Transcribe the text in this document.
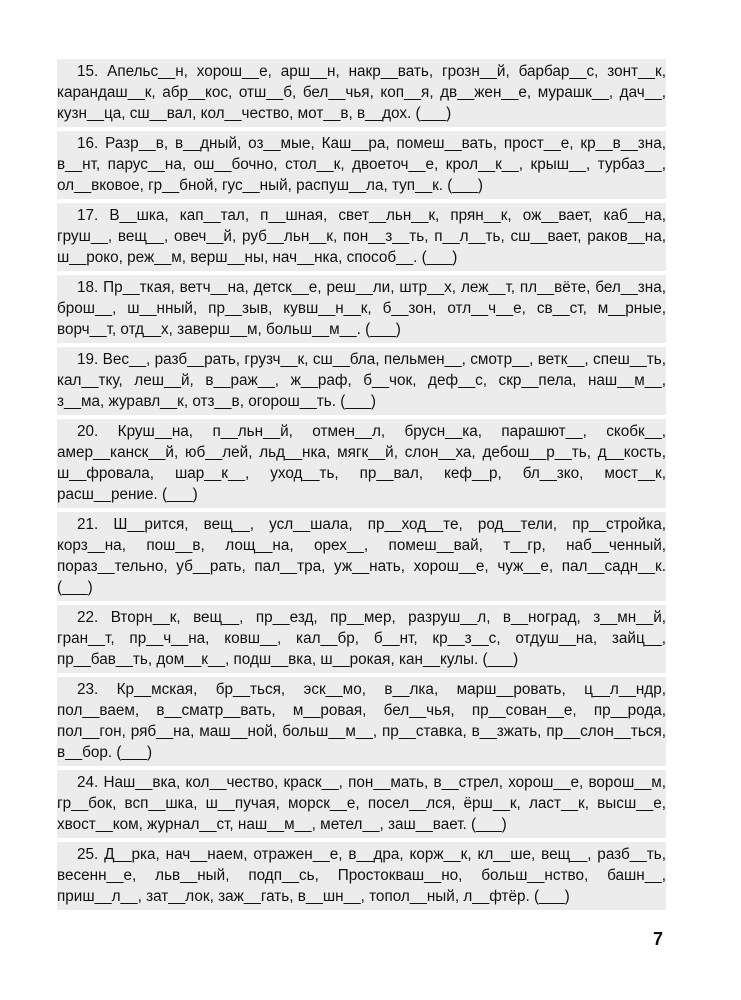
15. Апельс__н, хорош__е, арш__н, накр__вать, грозн__й, барбар__с, зонт__к, карандаш__к, абр__кос, отш__б, бел__чья, коп__я, дв__жен__е, мурашк__, дач__, кузн__ца, сш__вал, кол__чество, мот__в, в__дох. (___)

16. Разр__в, в__дный, оз__мые, Каш__ра, помеш__вать, прост__е, кр__в__зна, в__нт, парус__на, ош__бочно, стол__к, двоеточ__е, крол__к__, крыш__, турбаз__, ол__вковое, гр__бной, гус__ный, распуш__ла, туп__к. (___)

17. В__шка, кап__тал, п__шная, свет__льн__к, прян__к, ож__вает, каб__на, груш__, вещ__, овеч__й, руб__льн__к, пон__з__ть, п__л__ть, сш__вает, раков__на, ш__роко, реж__м, верш__ны, нач__нка, способ__. (___)

18. Пр__ткая, ветч__на, детск__е, реш__ли, штр__х, леж__т, пл__вёте, бел__зна, брош__, ш__нный, пр__зыв, кувш__н__к, б__зон, отл__ч__е, св__ст, м__рные, ворч__т, отд__х, заверш__м, больш__м__. (___)

19. Вес__, разб__рать, грузч__к, сш__бла, пельмен__, смотр__, ветк__, спеш__ть, кал__тку, леш__й, в__раж__, ж__раф, б__чок, деф__с, скр__пела, наш__м__, з__ма, журавл__к, отз__в, огорош__ть. (___)

20. Круш__на, п__льн__й, отмен__л, брусн__ка, парашют__, скобк__, амер__канск__й, юб__лей, льд__нка, мягк__й, слон__ха, дебош__р__ть, д__кость, ш__фровала, шар__к__, уход__ть, пр__вал, кеф__р, бл__зко, мост__к, расш__рение. (___)

21. Ш__рится, вещ__, усл__шала, пр__ход__те, род__тели, пр__стройка, корз__на, пош__в, лощ__на, орех__, помеш__вай, т__гр, наб__ченный, пораз__тельно, уб__рать, пал__тра, уж__нать, хорош__е, чуж__е, пал__садн__к. (___)

22. Вторн__к, вещ__, пр__езд, пр__мер, разруш__л, в__ноград, з__мн__й, гран__т, пр__ч__на, ковш__, кал__бр, б__нт, кр__з__с, отдуш__на, зайц__, пр__бав__ть, дом__к__, подш__вка, ш__рокая, кан__кулы. (___)

23. Кр__мская, бр__ться, эск__мо, в__лка, марш__ровать, ц__л__ндр, пол__ваем, в__сматр__вать, м__ровая, бел__чья, пр__сован__е, пр__рода, пол__гон, ряб__на, маш__ной, больш__м__, пр__ставка, в__зжать, пр__слон__ться, в__бор. (___)

24. Наш__вка, кол__чество, краск__, пон__мать, в__стрел, хорош__е, ворош__м, гр__бок, всп__шка, ш__пучая, морск__е, посел__лся, ёрш__к, ласт__к, высш__е, хвост__ком, журнал__ст, наш__м__, метел__, заш__вает. (___)

25. Д__рка, нач__наем, отражен__е, в__дра, корж__к, кл__ше, вещ__, разб__ть, весенн__е, льв__ный, подп__сь, Простокваш__но, больш__нство, башн__, приш__л__, зат__лок, заж__гать, в__шн__, топол__ный, л__фтёр. (___)

7
